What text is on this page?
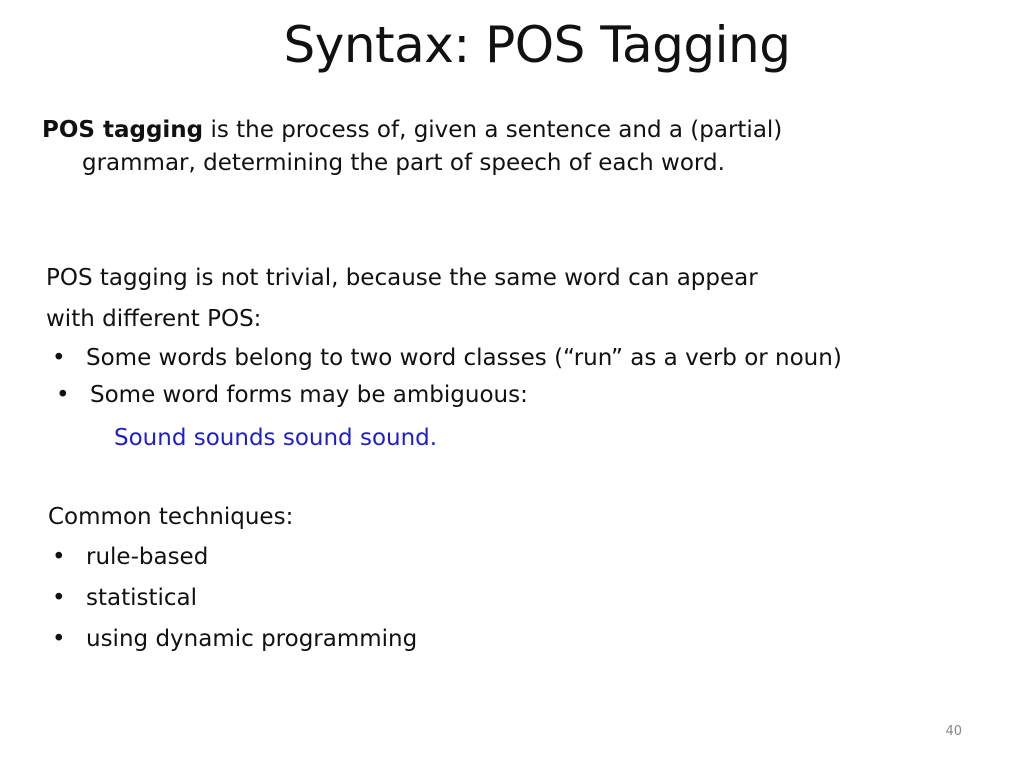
Syntax: POS Tagging
POS tagging is the process of, given a sentence and a (partial)
grammar, determining the part of speech of each word.
POS tagging is not trivial, because the same word can appear
with different POS:
• Some words belong to two word classes (“run” as a verb or noun)
• Some word forms may be ambiguous:
Sound sounds sound sound.
Common techniques:
• rule-based
• statistical
• using dynamic programming
40
